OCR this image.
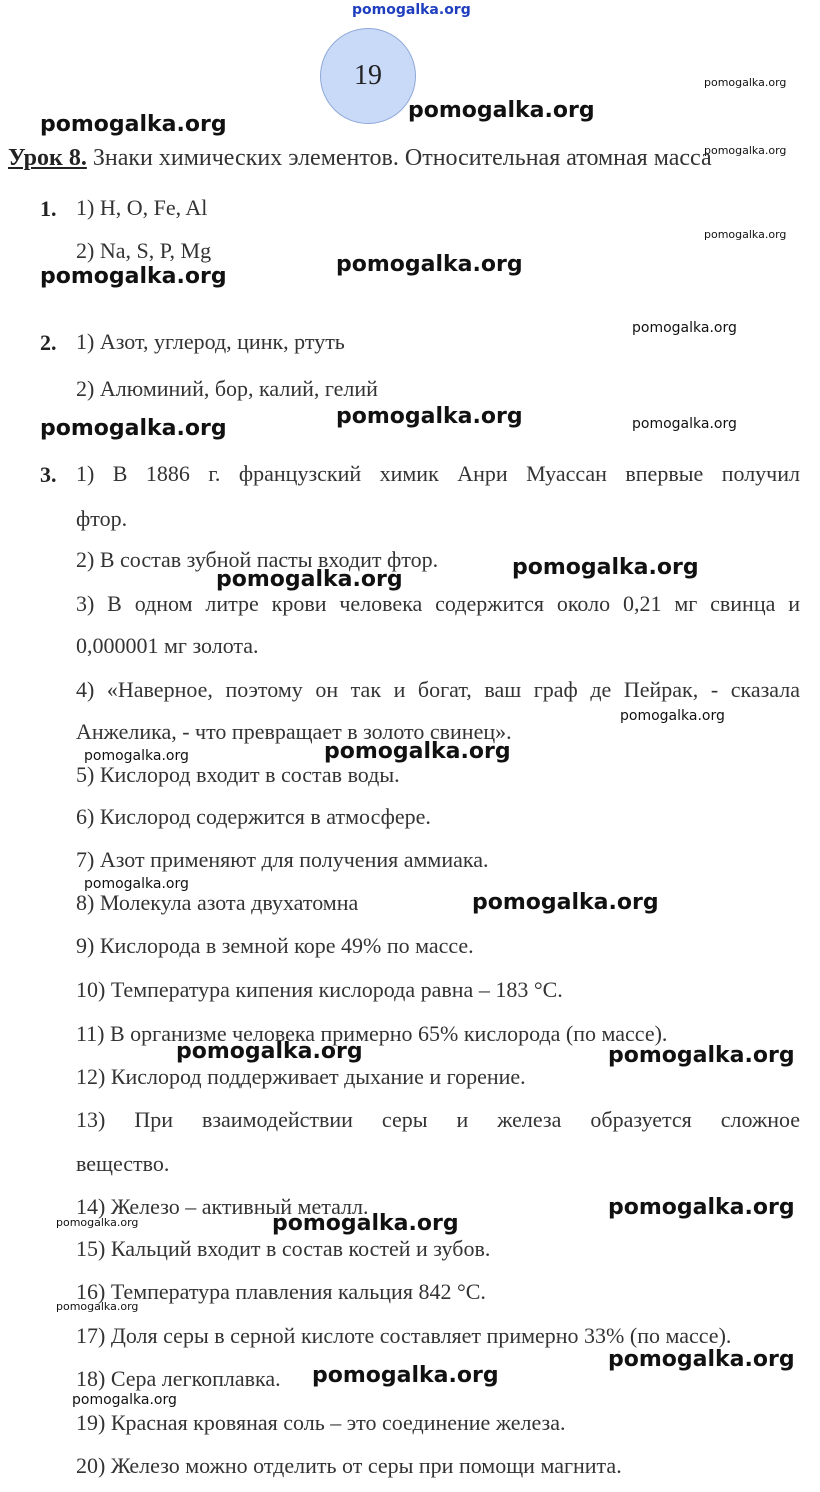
pomogalka.org
19
pomogalka.org
pomogalka.org
pomogalka.org
pomogalka.org
Урок 8. Знаки химических элементов. Относительная атомная масса
1. 1) H, O, Fe, Al
2) Na, S, P, Mg
pomogalka.org
pomogalka.org	pomogalka.org
2. 1) Азот, углерод, цинк, ртуть
2) Алюминий, бор, калий, гелий
pomogalka.org
pomogalka.org	pomogalka.org	pomogalka.org
3. 1) В 1886 г. французский химик Анри Муассан впервые получил
фтор.
2) В состав зубной пасты входит фтор.
3) В одном литре крови человека содержится около 0,21 мг свинца и
0,000001 мг золота.
4) «Наверное, поэтому он так и богат, ваш граф де Пейрак, - сказала
Анжелика, - что превращает в золото свинец».
5) Кислород входит в состав воды.
6) Кислород содержится в атмосфере.
7) Азот применяют для получения аммиака.
8) Молекула азота двухатомна
9) Кислорода в земной коре 49% по массе.
10) Температура кипения кислорода равна – 183 °С.
11) В организме человека примерно 65% кислорода (по массе).
12) Кислород поддерживает дыхание и горение.
13) При взаимодействии серы и железа образуется сложное
вещество.
14) Железо – активный металл.
15) Кальций входит в состав костей и зубов.
16) Температура плавления кальция 842 °С.
17) Доля серы в серной кислоте составляет примерно 33% (по массе).
18) Сера легкоплавка.
19) Красная кровяная соль – это соединение железа.
20) Железо можно отделить от серы при помощи магнита.
pomogalka.org	pomogalka.org
pomogalka.org
pomogalka.org	pomogalka.org
pomogalka.org
pomogalka.org
pomogalka.org	pomogalka.org
pomogalka.org
pomogalka.org	pomogalka.org
pomogalka.org
pomogalka.org
pomogalka.org
pomogalka.org
